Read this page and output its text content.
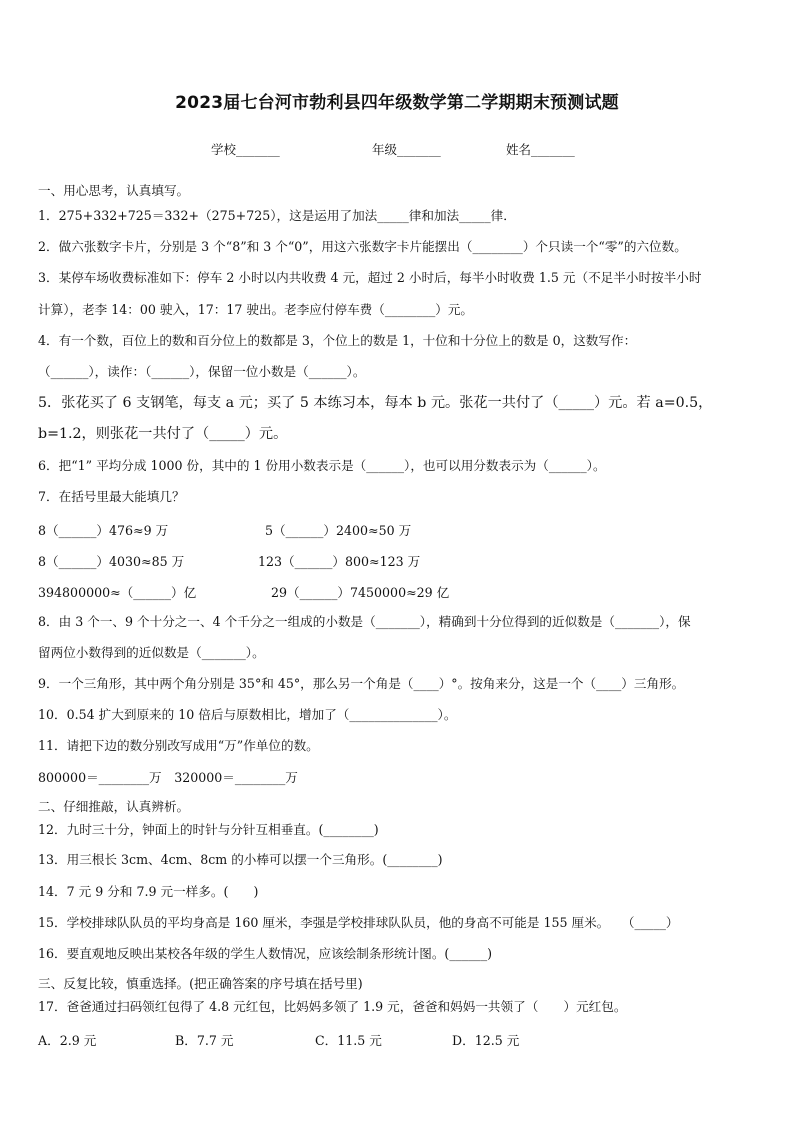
2023届七台河市勃利县四年级数学第二学期期末预测试题
学校_______	年级_______	姓名_______
一、用心思考，认真填写。
1．275+332+725＝332+（275+725），这是运用了加法_____律和加法_____律．
2．做六张数字卡片，分别是 3 个“8”和 3 个“0”，用这六张数字卡片能摆出（________）个只读一个“零”的六位数。
3．某停车场收费标准如下：停车 2 小时以内共收费 4 元，超过 2 小时后，每半小时收费 1.5 元（不足半小时按半小时
计算），老李 14：00 驶入，17：17 驶出。老李应付停车费（________）元。
4．有一个数，百位上的数和百分位上的数都是 3，个位上的数是 1，十位和十分位上的数是 0，这数写作：
（______），读作：（______），保留一位小数是（______）。
5．张花买了 6 支钢笔，每支 a 元；买了 5 本练习本，每本 b 元。张花一共付了（_____）元。若 a=0.5，
b=1.2，则张花一共付了（_____）元。
6．把“1” 平均分成 1000 份，其中的 1 份用小数表示是（______），也可以用分数表示为（______）。
7．在括号里最大能填几？
8（______）476≈9 万	5（______）2400≈50 万
8（______）4030≈85 万	123（______）800≈123 万
394800000≈（______）亿	29（______）7450000≈29 亿
8．由 3 个一、9 个十分之一、4 个千分之一组成的小数是（_______），精确到十分位得到的近似数是（_______），保
留两位小数得到的近似数是（_______）。
9．一个三角形，其中两个角分别是 35°和 45°，那么另一个角是（____）°。按角来分，这是一个（____）三角形。
10．0.54 扩大到原来的 10 倍后与原数相比，增加了（______________）。
11．请把下边的数分别改写成用“万”作单位的数。
800000＝________万　320000＝________万
二、仔细推敲，认真辨析。
12．九时三十分，钟面上的时针与分针互相垂直。(________)
13．用三根长 3cm、4cm、8cm 的小棒可以摆一个三角形。(________)
14．7 元 9 分和 7.9 元一样多。(　　)
15．学校排球队队员的平均身高是 160 厘米，李强是学校排球队队员，他的身高不可能是 155 厘米。　　（_____）
16．要直观地反映出某校各年级的学生人数情况，应该绘制条形统计图。(______)
三、反复比较，慎重选择。(把正确答案的序号填在括号里)
17．爸爸通过扫码领红包得了 4.8 元红包，比妈妈多领了 1.9 元，爸爸和妈妈一共领了（　　）元红包。
A．2.9 元	B．7.7 元	C．11.5 元	D．12.5 元
